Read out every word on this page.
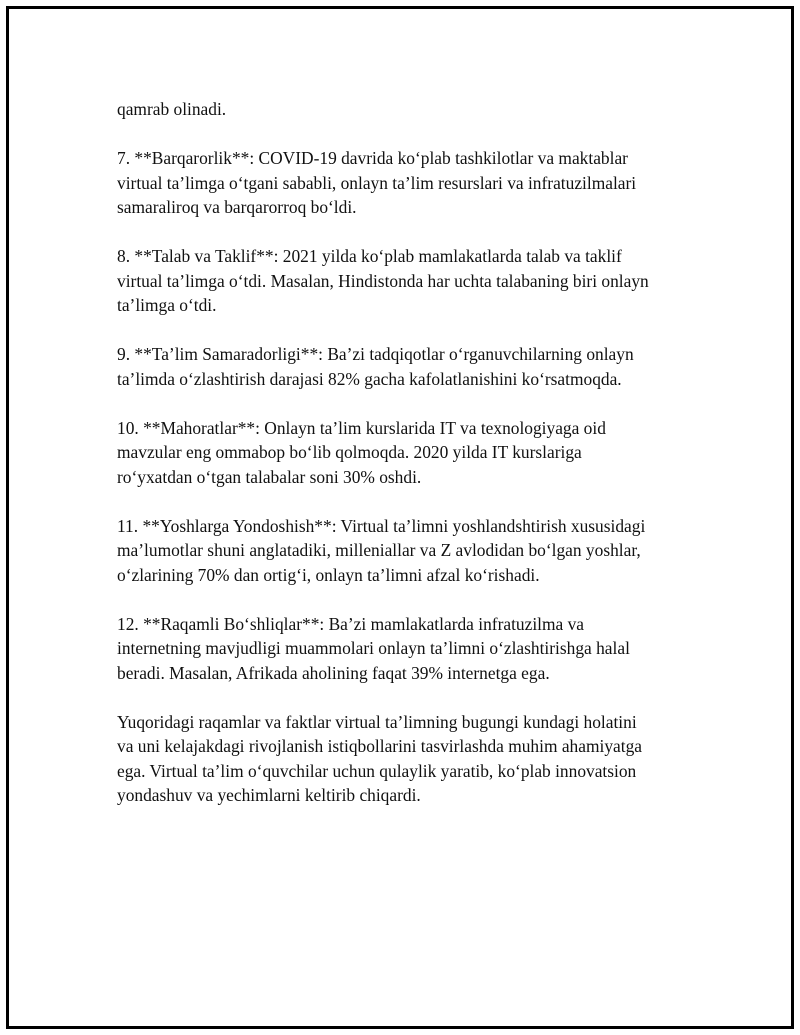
qamrab olinadi.

7. **Barqarorlik**: COVID-19 davrida koʻplab tashkilotlar va maktablar
virtual taʼlimga oʻtgani sababli, onlayn taʼlim resurslari va infratuzilmalari
samaraliroq va barqarorroq boʻldi.

8. **Talab va Taklif**: 2021 yilda koʻplab mamlakatlarda talab va taklif
virtual taʼlimga oʻtdi. Masalan, Hindistonda har uchta talabaning biri onlayn
taʼlimga oʻtdi.

9. **Taʼlim Samaradorligi**: Baʼzi tadqiqotlar oʻrganuvchilarning onlayn
taʼlimda oʻzlashtirish darajasi 82% gacha kafolatlanishini koʻrsatmoqda.

10. **Mahoratlar**: Onlayn taʼlim kurslarida IT va texnologiyaga oid
mavzular eng ommabop boʻlib qolmoqda. 2020 yilda IT kurslariga
roʻyxatdan oʻtgan talabalar soni 30% oshdi.

11. **Yoshlarga Yondoshish**: Virtual taʼlimni yoshlandshtirish xususidagi
maʼlumotlar shuni anglatadiki, milleniallar va Z avlodidan boʻlgan yoshlar,
oʻzlarining 70% dan ortigʻi, onlayn taʼlimni afzal koʻrishadi.

12. **Raqamli Boʻshliqlar**: Baʼzi mamlakatlarda infratuzilma va
internetning mavjudligi muammolari onlayn taʼlimni oʻzlashtirishga halal
beradi. Masalan, Afrikada aholining faqat 39% internetga ega.

Yuqoridagi raqamlar va faktlar virtual taʼlimning bugungi kundagi holatini
va uni kelajakdagi rivojlanish istiqbollarini tasvirlashda muhim ahamiyatga
ega. Virtual taʼlim oʻquvchilar uchun qulaylik yaratib, koʻplab innovatsion
yondashuv va yechimlarni keltirib chiqardi.
